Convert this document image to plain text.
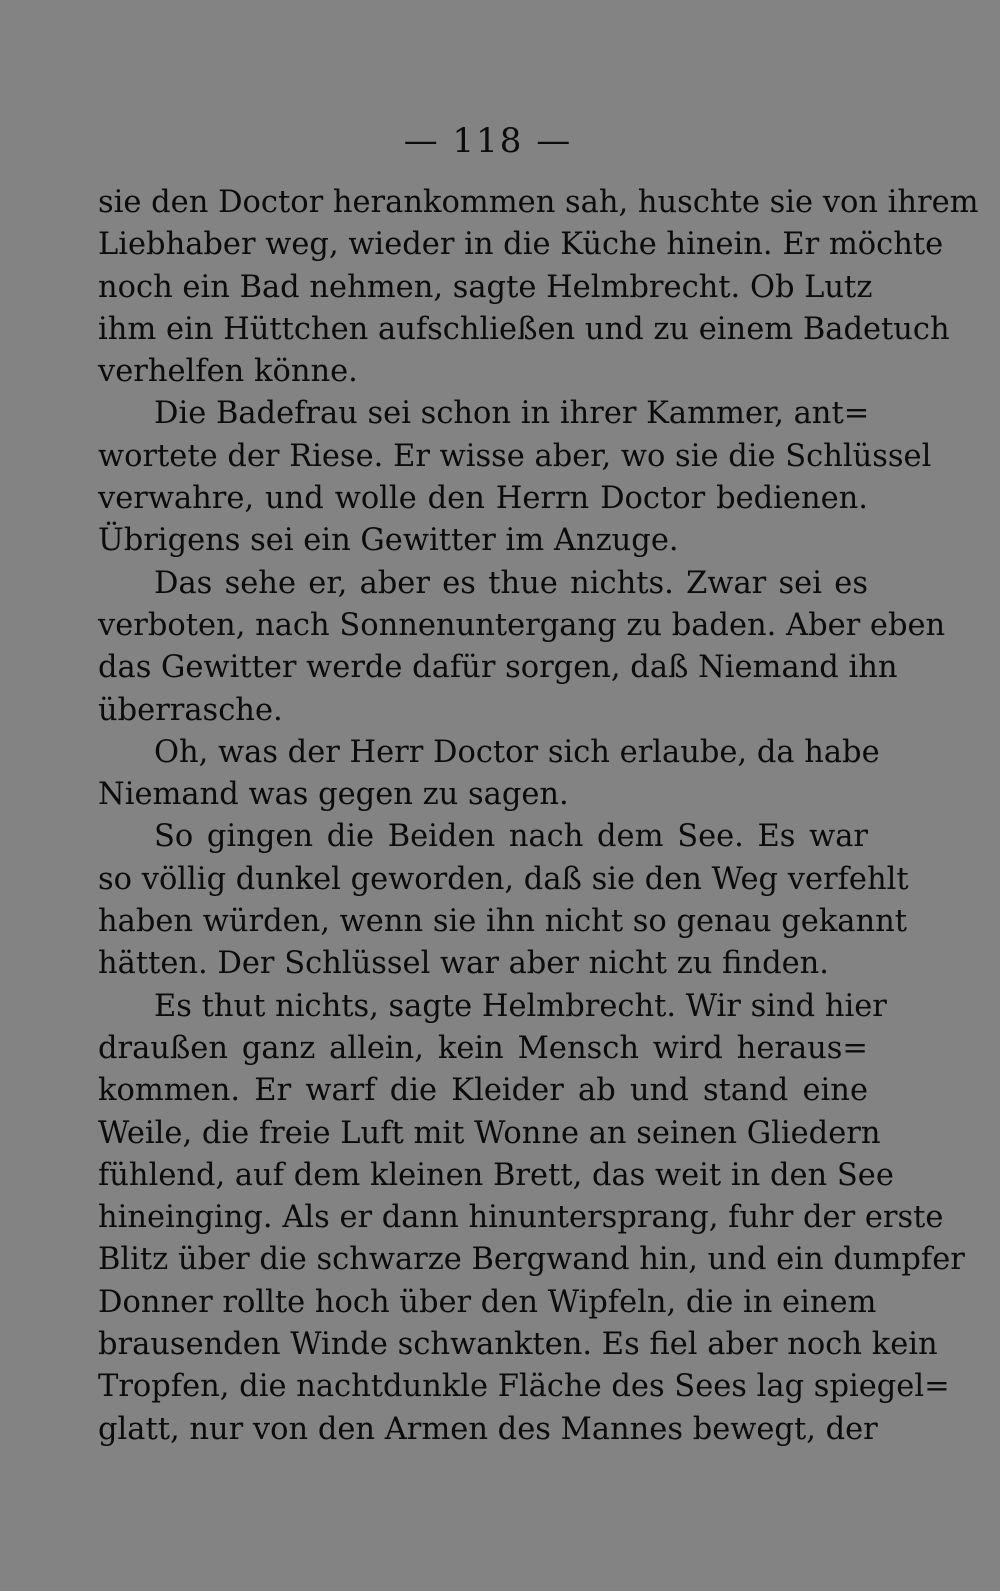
— 118 —
sie den Doctor herankommen sah, huschte sie von ihrem
Liebhaber weg, wieder in die Küche hinein. Er möchte
noch ein Bad nehmen, sagte Helmbrecht. Ob Lutz
ihm ein Hüttchen aufschließen und zu einem Badetuch
verhelfen könne.
Die Badefrau sei schon in ihrer Kammer, ant=
wortete der Riese. Er wisse aber, wo sie die Schlüssel
verwahre, und wolle den Herrn Doctor bedienen.
Übrigens sei ein Gewitter im Anzuge.
Das sehe er, aber es thue nichts. Zwar sei es
verboten, nach Sonnenuntergang zu baden. Aber eben
das Gewitter werde dafür sorgen, daß Niemand ihn
überrasche.
Oh, was der Herr Doctor sich erlaube, da habe
Niemand was gegen zu sagen.
So gingen die Beiden nach dem See. Es war
so völlig dunkel geworden, daß sie den Weg verfehlt
haben würden, wenn sie ihn nicht so genau gekannt
hätten. Der Schlüssel war aber nicht zu finden.
Es thut nichts, sagte Helmbrecht. Wir sind hier
draußen ganz allein, kein Mensch wird heraus=
kommen. Er warf die Kleider ab und stand eine
Weile, die freie Luft mit Wonne an seinen Gliedern
fühlend, auf dem kleinen Brett, das weit in den See
hineinging. Als er dann hinuntersprang, fuhr der erste
Blitz über die schwarze Bergwand hin, und ein dumpfer
Donner rollte hoch über den Wipfeln, die in einem
brausenden Winde schwankten. Es fiel aber noch kein
Tropfen, die nachtdunkle Fläche des Sees lag spiegel=
glatt, nur von den Armen des Mannes bewegt, der
